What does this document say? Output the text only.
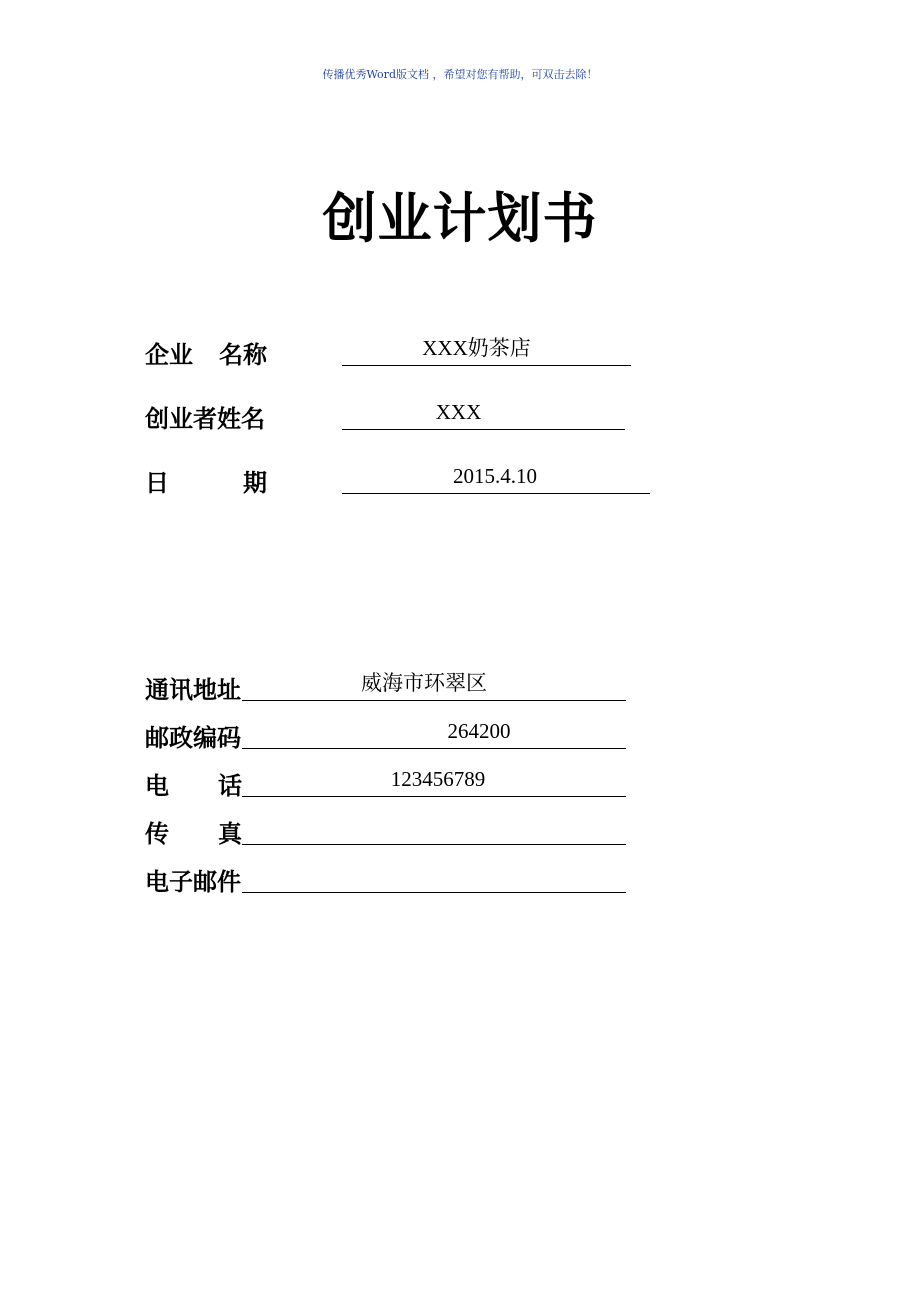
传播优秀Word版文档 ，希望对您有帮助，可双击去除！
创业计划书
企业 名称	XXX奶茶店
创业者姓名	XXX
日	期	2015.4.10
通讯地址	威海市环翠区
邮政编码	264200
电 话	123456789
传 真
电子邮件
